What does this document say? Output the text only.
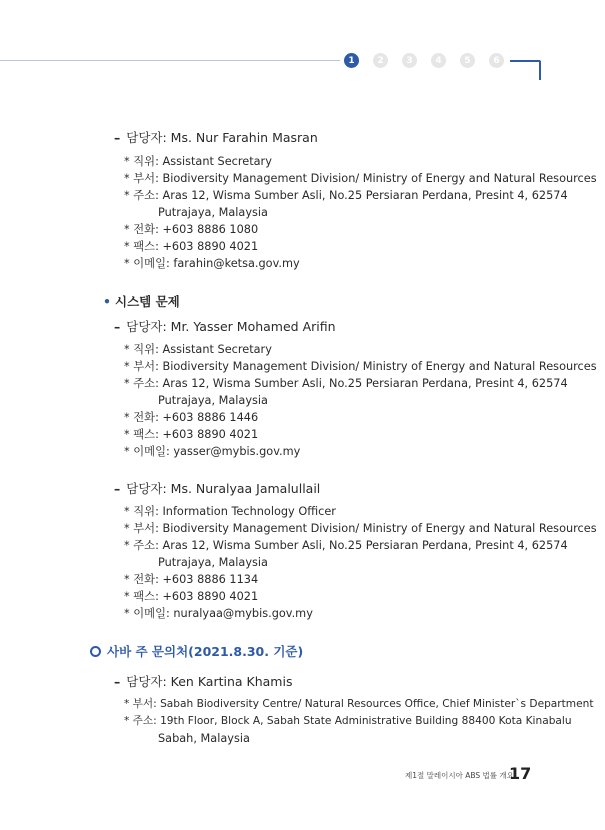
1	2	3	4	5	6
– 담당자: Ms. Nur Farahin Masran
* 직위: Assistant Secretary
* 부서: Biodiversity Management Division/ Ministry of Energy and Natural Resources
* 주소: Aras 12, Wisma Sumber Asli, No.25 Persiaran Perdana, Presint 4, 62574
Putrajaya, Malaysia
* 전화: +603 8886 1080
* 팩스: +603 8890 4021
* 이메일: farahin@ketsa.gov.my
• 시스템 문제
– 담당자: Mr. Yasser Mohamed Arifin
* 직위: Assistant Secretary
* 부서: Biodiversity Management Division/ Ministry of Energy and Natural Resources
* 주소: Aras 12, Wisma Sumber Asli, No.25 Persiaran Perdana, Presint 4, 62574
Putrajaya, Malaysia
* 전화: +603 8886 1446
* 팩스: +603 8890 4021
* 이메일: yasser@mybis.gov.my
– 담당자: Ms. Nuralyaa Jamalullail
* 직위: Information Technology Officer
* 부서: Biodiversity Management Division/ Ministry of Energy and Natural Resources
* 주소: Aras 12, Wisma Sumber Asli, No.25 Persiaran Perdana, Presint 4, 62574
Putrajaya, Malaysia
* 전화: +603 8886 1134
* 팩스: +603 8890 4021
* 이메일: nuralyaa@mybis.gov.my
사바 주 문의처(2021.8.30. 기준)
– 담당자: Ken Kartina Khamis
* 부서: Sabah Biodiversity Centre/ Natural Resources Office, Chief Minister`s Department
* 주소: 19th Floor, Block A, Sabah State Administrative Building 88400 Kota Kinabalu
Sabah, Malaysia
제1절 말레이시아 ABS 법률 개요
17
